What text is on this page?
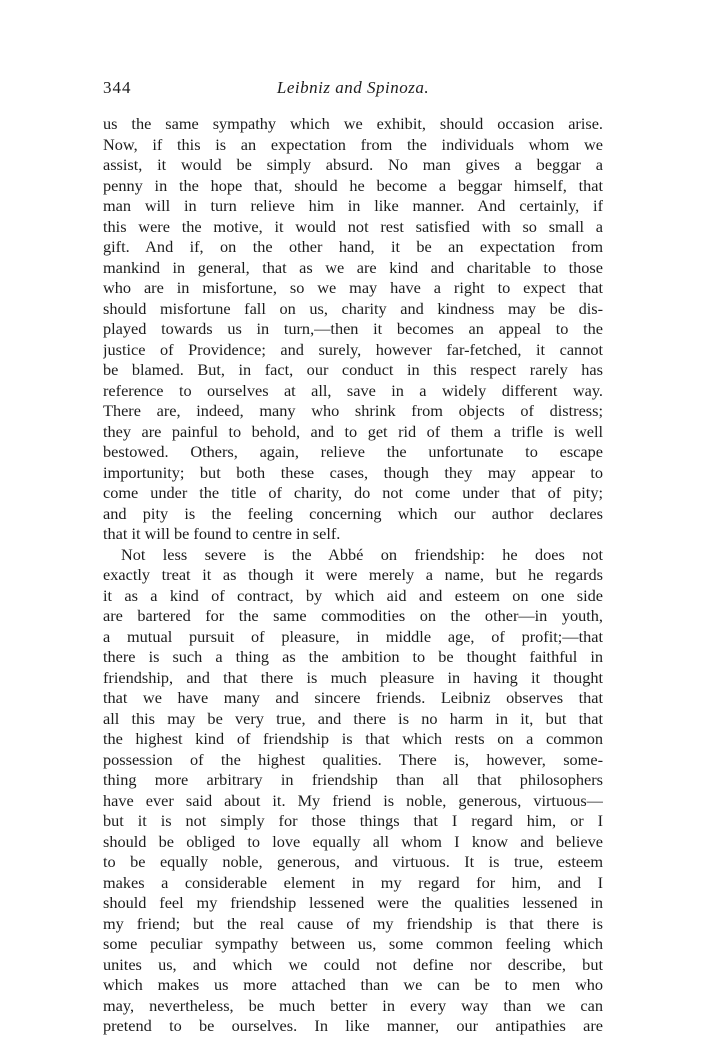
344	Leibniz and Spinoza.
us the same sympathy which we exhibit, should occasion arise.
Now, if this is an expectation from the individuals whom we
assist, it would be simply absurd. No man gives a beggar a
penny in the hope that, should he become a beggar himself, that
man will in turn relieve him in like manner. And certainly, if
this were the motive, it would not rest satisfied with so small a
gift. And if, on the other hand, it be an expectation from
mankind in general, that as we are kind and charitable to those
who are in misfortune, so we may have a right to expect that
should misfortune fall on us, charity and kindness may be dis-
played towards us in turn,—then it becomes an appeal to the
justice of Providence; and surely, however far-fetched, it cannot
be blamed. But, in fact, our conduct in this respect rarely has
reference to ourselves at all, save in a widely different way.
There are, indeed, many who shrink from objects of distress;
they are painful to behold, and to get rid of them a trifle is well
bestowed. Others, again, relieve the unfortunate to escape
importunity; but both these cases, though they may appear to
come under the title of charity, do not come under that of pity;
and pity is the feeling concerning which our author declares
that it will be found to centre in self.
Not less severe is the Abbé on friendship: he does not
exactly treat it as though it were merely a name, but he regards
it as a kind of contract, by which aid and esteem on one side
are bartered for the same commodities on the other—in youth,
a mutual pursuit of pleasure, in middle age, of profit;—that
there is such a thing as the ambition to be thought faithful in
friendship, and that there is much pleasure in having it thought
that we have many and sincere friends. Leibniz observes that
all this may be very true, and there is no harm in it, but that
the highest kind of friendship is that which rests on a common
possession of the highest qualities. There is, however, some-
thing more arbitrary in friendship than all that philosophers
have ever said about it. My friend is noble, generous, virtuous—
but it is not simply for those things that I regard him, or I
should be obliged to love equally all whom I know and believe
to be equally noble, generous, and virtuous. It is true, esteem
makes a considerable element in my regard for him, and I
should feel my friendship lessened were the qualities lessened in
my friend; but the real cause of my friendship is that there is
some peculiar sympathy between us, some common feeling which
unites us, and which we could not define nor describe, but
which makes us more attached than we can be to men who
may, nevertheless, be much better in every way than we can
pretend to be ourselves. In like manner, our antipathies are
